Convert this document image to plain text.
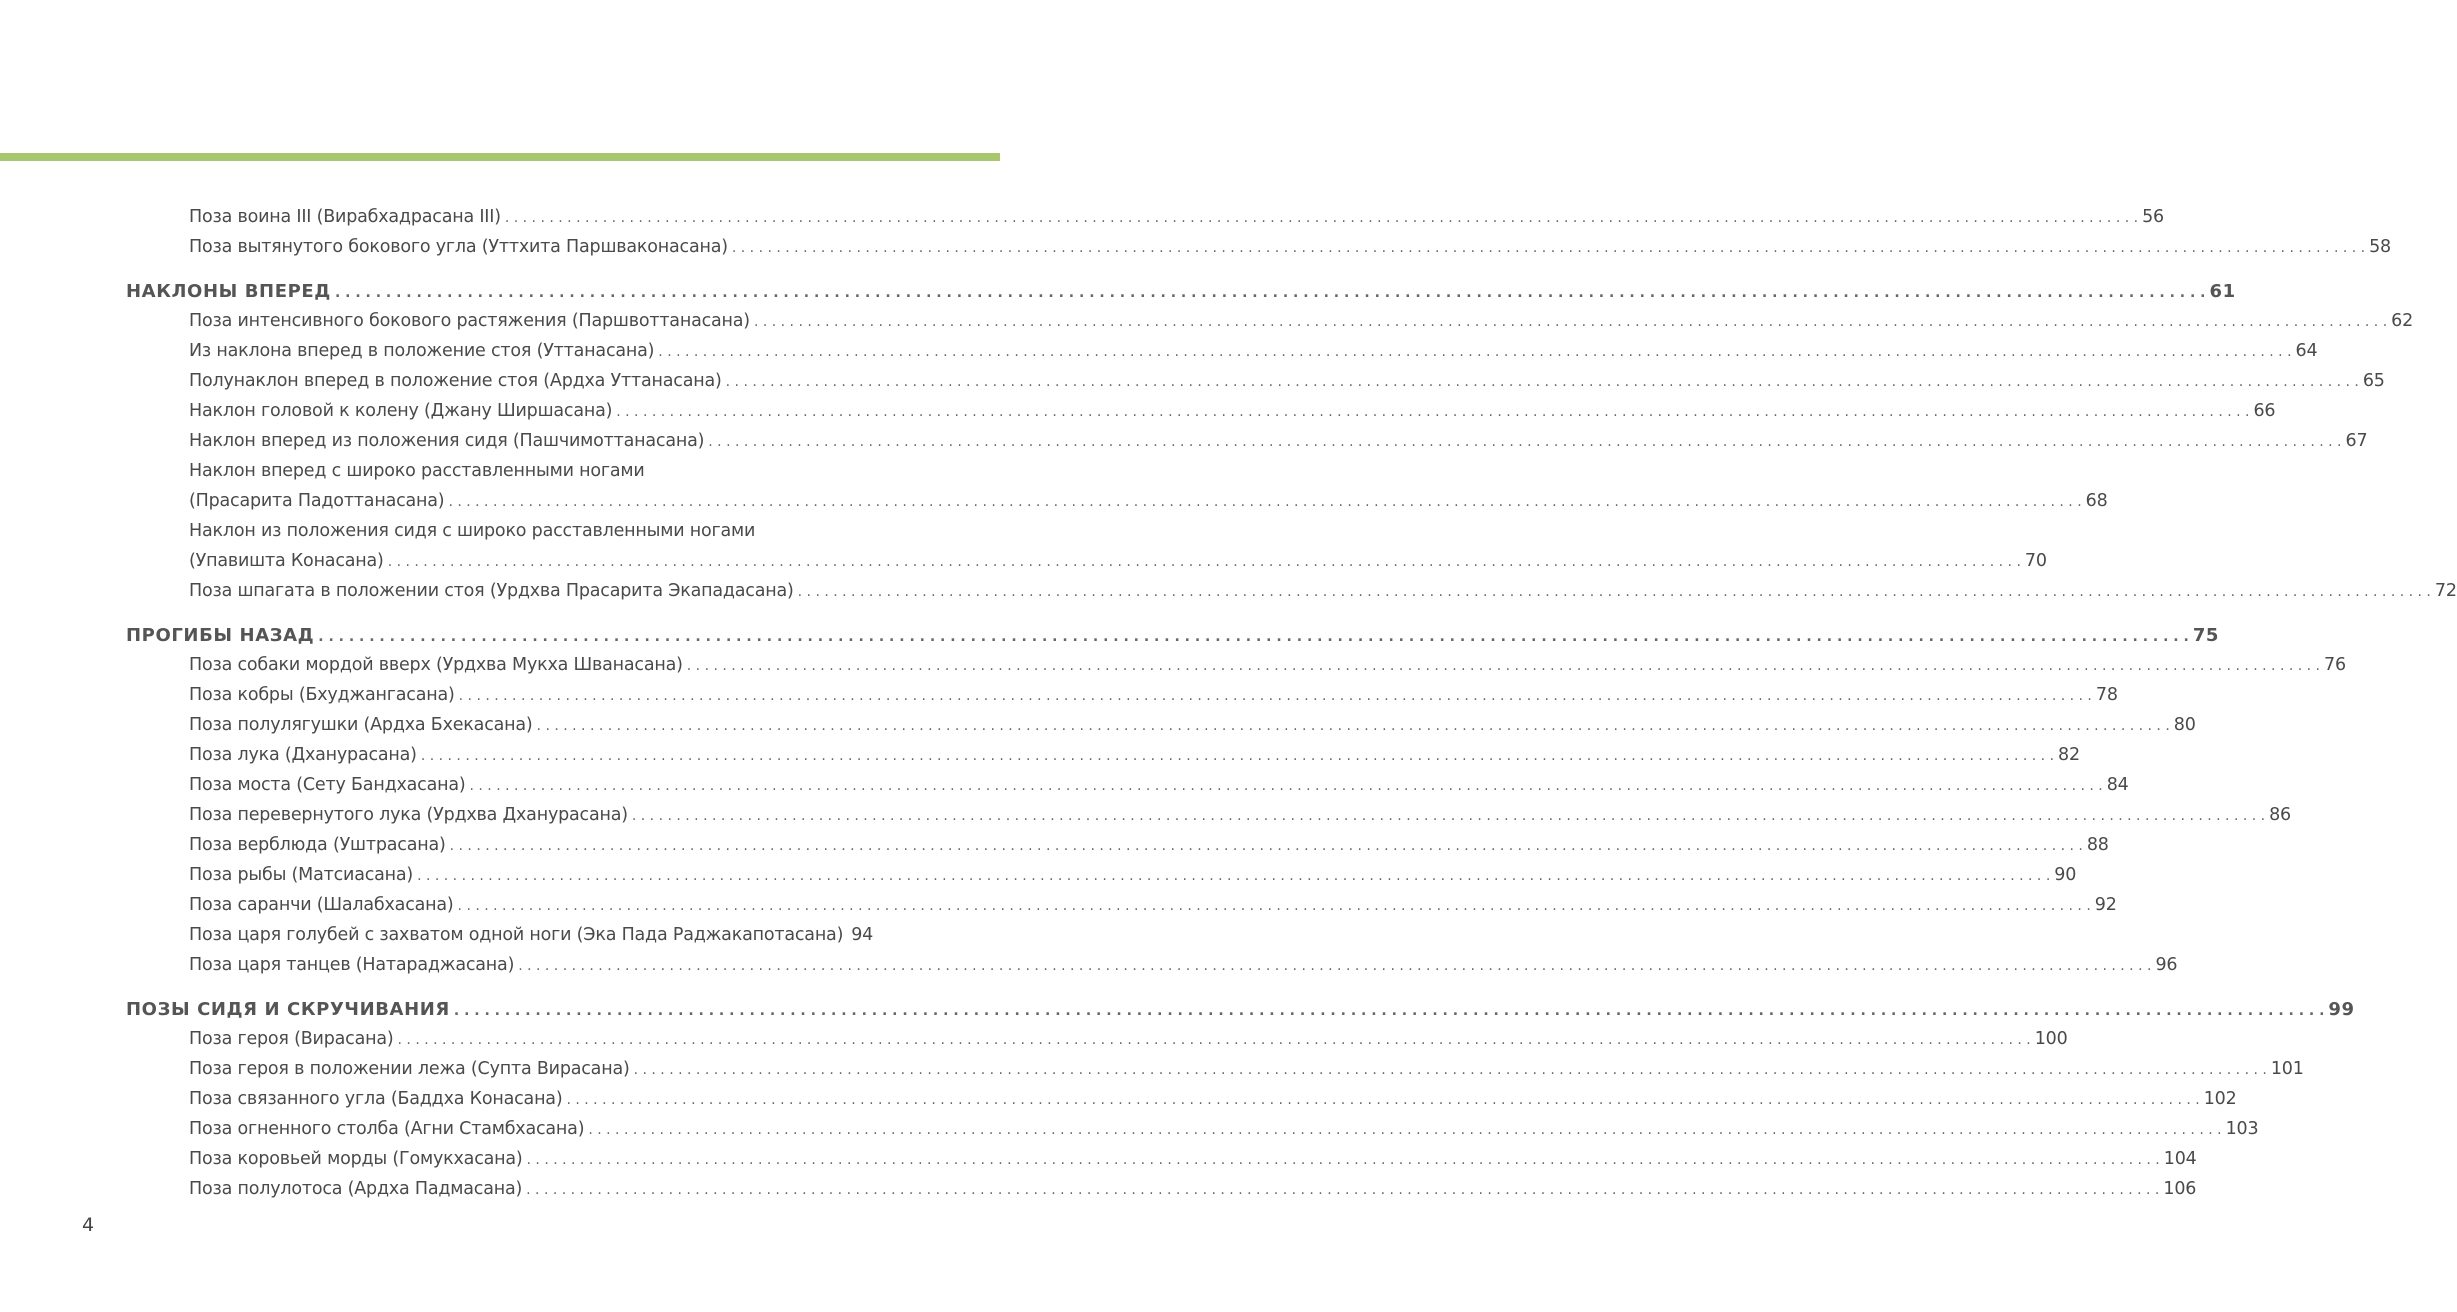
Поза воина III (Вирабхадрасана III) . . .	56
Поза вытянутого бокового угла (Уттхита Паршваконасана) . . .	58
НАКЛОНЫ ВПЕРЕД . . .	61
Поза интенсивного бокового растяжения (Паршвоттанасана) . . .	62
Из наклона вперед в положение стоя (Уттанасана) . . .	64
Полунаклон вперед в положение стоя (Ардха Уттанасана) . . .	65
Наклон головой к колену (Джану Ширшасана) . . .	66
Наклон вперед из положения сидя (Пашчимоттанасана) . . .	67
Наклон вперед с широко расставленными ногами
(Прасарита Падоттанасана) . . .	68
Наклон из положения сидя с широко расставленными ногами
(Упавишта Конасана) . . .	70
Поза шпагата в положении стоя (Урдхва Прасарита Экападасана) . . .	72
ПРОГИБЫ НАЗАД . . .	75
Поза собаки мордой вверх (Урдхва Мукха Шванасана) . . .	76
Поза кобры (Бхуджангасана) . . .	78
Поза полулягушки (Ардха Бхекасана) . . .	80
Поза лука (Дханурасана) . . .	82
Поза моста (Сету Бандхасана) . . .	84
Поза перевернутого лука (Урдхва Дханурасана) . . .	86
Поза верблюда (Уштрасана) . . .	88
Поза рыбы (Матсиасана) . . .	90
Поза саранчи (Шалабхасана) . . .	92
Поза царя голубей с захватом одной ноги (Эка Пада Раджакапотасана) 94
Поза царя танцев (Натараджасана) . . .	96
ПОЗЫ СИДЯ И СКРУЧИВАНИЯ . . .	99
Поза героя (Вирасана) . . .	100
Поза героя в положении лежа (Супта Вирасана) . . .	101
Поза связанного угла (Баддха Конасана) . . .	102
Поза огненного столба (Агни Стамбхасана) . . .	103
Поза коровьей морды (Гомукхасана) . . .	104
Поза полулотоса (Ардха Падмасана) . . .	106
4
